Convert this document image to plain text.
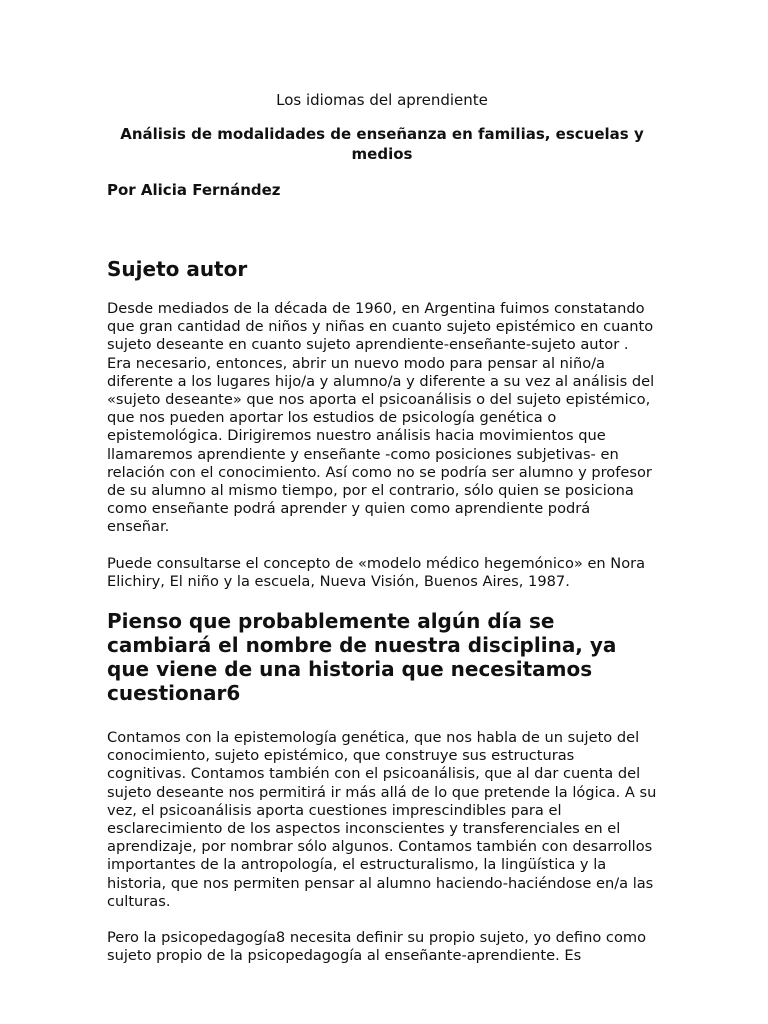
Los idiomas del aprendiente
Análisis de modalidades de enseñanza en familias, escuelas y medios
Por Alicia Fernández
Sujeto autor

Desde mediados de la década de 1960, en Argentina fuimos constatando que gran cantidad de niños y niñas en cuanto sujeto epistémico en cuanto sujeto deseante en cuanto sujeto aprendiente-enseñante-sujeto autor . Era necesario, entonces, abrir un nuevo modo para pensar al niño/a diferente a los lugares hijo/a y alumno/a y diferente a su vez al análisis del «sujeto deseante» que nos aporta el psicoanálisis o del sujeto epistémico, que nos pueden aportar los estudios de psicología genética o epistemológica. Dirigiremos nuestro análisis hacia movimientos que llamaremos aprendiente y enseñante -como posiciones subjetivas- en relación con el conocimiento. Así como no se podría ser alumno y profesor de su alumno al mismo tiempo, por el contrario, sólo quien se posiciona como enseñante podrá aprender y quien como aprendiente podrá enseñar.

Puede consultarse el concepto de «modelo médico hegemónico» en Nora Elichiry, El niño y la escuela, Nueva Visión, Buenos Aires, 1987.

Pienso que probablemente algún día se cambiará el nombre de nuestra disciplina, ya que viene de una historia que necesitamos cuestionar6

Contamos con la epistemología genética, que nos habla de un sujeto del conocimiento, sujeto epistémico, que construye sus estructuras cognitivas. Contamos también con el psicoanálisis, que al dar cuenta del sujeto deseante nos permitirá ir más allá de lo que pretende la lógica. A su vez, el psicoanálisis aporta cuestiones imprescindibles para el esclarecimiento de los aspectos inconscientes y transferenciales en el aprendizaje, por nombrar sólo algunos. Contamos también con desarrollos importantes de la antropología, el estructuralismo, la lingüística y la historia, que nos permiten pensar al alumno haciendo-haciéndose en/a las culturas.

Pero la psicopedagogía8 necesita definir su propio sujeto, yo defino como sujeto propio de la psicopedagogía al enseñante-aprendiente. Es
